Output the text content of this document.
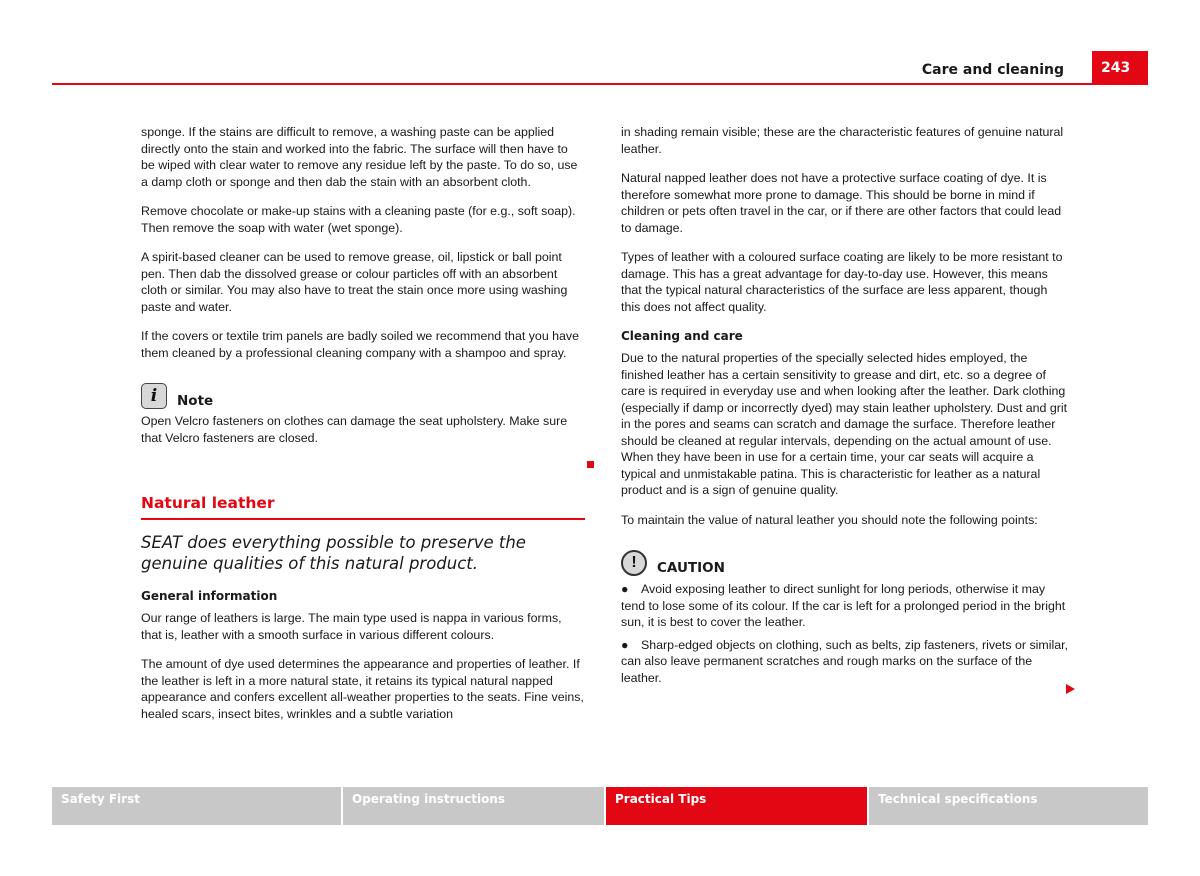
Care and cleaning	243

sponge. If the stains are difficult to remove, a washing paste can be applied directly onto the stain and worked into the fabric. The surface will then have to be wiped with clear water to remove any residue left by the paste. To do so, use a damp cloth or sponge and then dab the stain with an absorbent cloth.

Remove chocolate or make-up stains with a cleaning paste (for e.g., soft soap). Then remove the soap with water (wet sponge).

A spirit-based cleaner can be used to remove grease, oil, lipstick or ball point pen. Then dab the dissolved grease or colour particles off with an absorbent cloth or similar. You may also have to treat the stain once more using washing paste and water.

If the covers or textile trim panels are badly soiled we recommend that you have them cleaned by a professional cleaning company with a shampoo and spray.

i	Note

Open Velcro fasteners on clothes can damage the seat upholstery. Make sure that Velcro fasteners are closed.

Natural leather
SEAT does everything possible to preserve the genuine qualities of this natural product.
General information

Our range of leathers is large. The main type used is nappa in various forms, that is, leather with a smooth surface in various different colours.

The amount of dye used determines the appearance and properties of leather. If the leather is left in a more natural state, it retains its typical natural napped appearance and confers excellent all-weather properties to the seats. Fine veins, healed scars, insect bites, wrinkles and a subtle variation

in shading remain visible; these are the characteristic features of genuine natural leather.

Natural napped leather does not have a protective surface coating of dye. It is therefore somewhat more prone to damage. This should be borne in mind if children or pets often travel in the car, or if there are other factors that could lead to damage.

Types of leather with a coloured surface coating are likely to be more resistant to damage. This has a great advantage for day-to-day use. However, this means that the typical natural characteristics of the surface are less apparent, though this does not affect quality.

Cleaning and care

Due to the natural properties of the specially selected hides employed, the finished leather has a certain sensitivity to grease and dirt, etc. so a degree of care is required in everyday use and when looking after the leather. Dark clothing (especially if damp or incorrectly dyed) may stain leather upholstery. Dust and grit in the pores and seams can scratch and damage the surface. Therefore leather should be cleaned at regular intervals, depending on the actual amount of use. When they have been in use for a certain time, your car seats will acquire a typical and unmistakable patina. This is characteristic for leather as a natural product and is a sign of genuine quality.

To maintain the value of natural leather you should note the following points:

!	CAUTION

● Avoid exposing leather to direct sunlight for long periods, otherwise it may tend to lose some of its colour. If the car is left for a prolonged period in the bright sun, it is best to cover the leather.

● Sharp-edged objects on clothing, such as belts, zip fasteners, rivets or similar, can also leave permanent scratches and rough marks on the surface of the leather.

Safety First	Operating instructions	Practical Tips	Technical specifications
